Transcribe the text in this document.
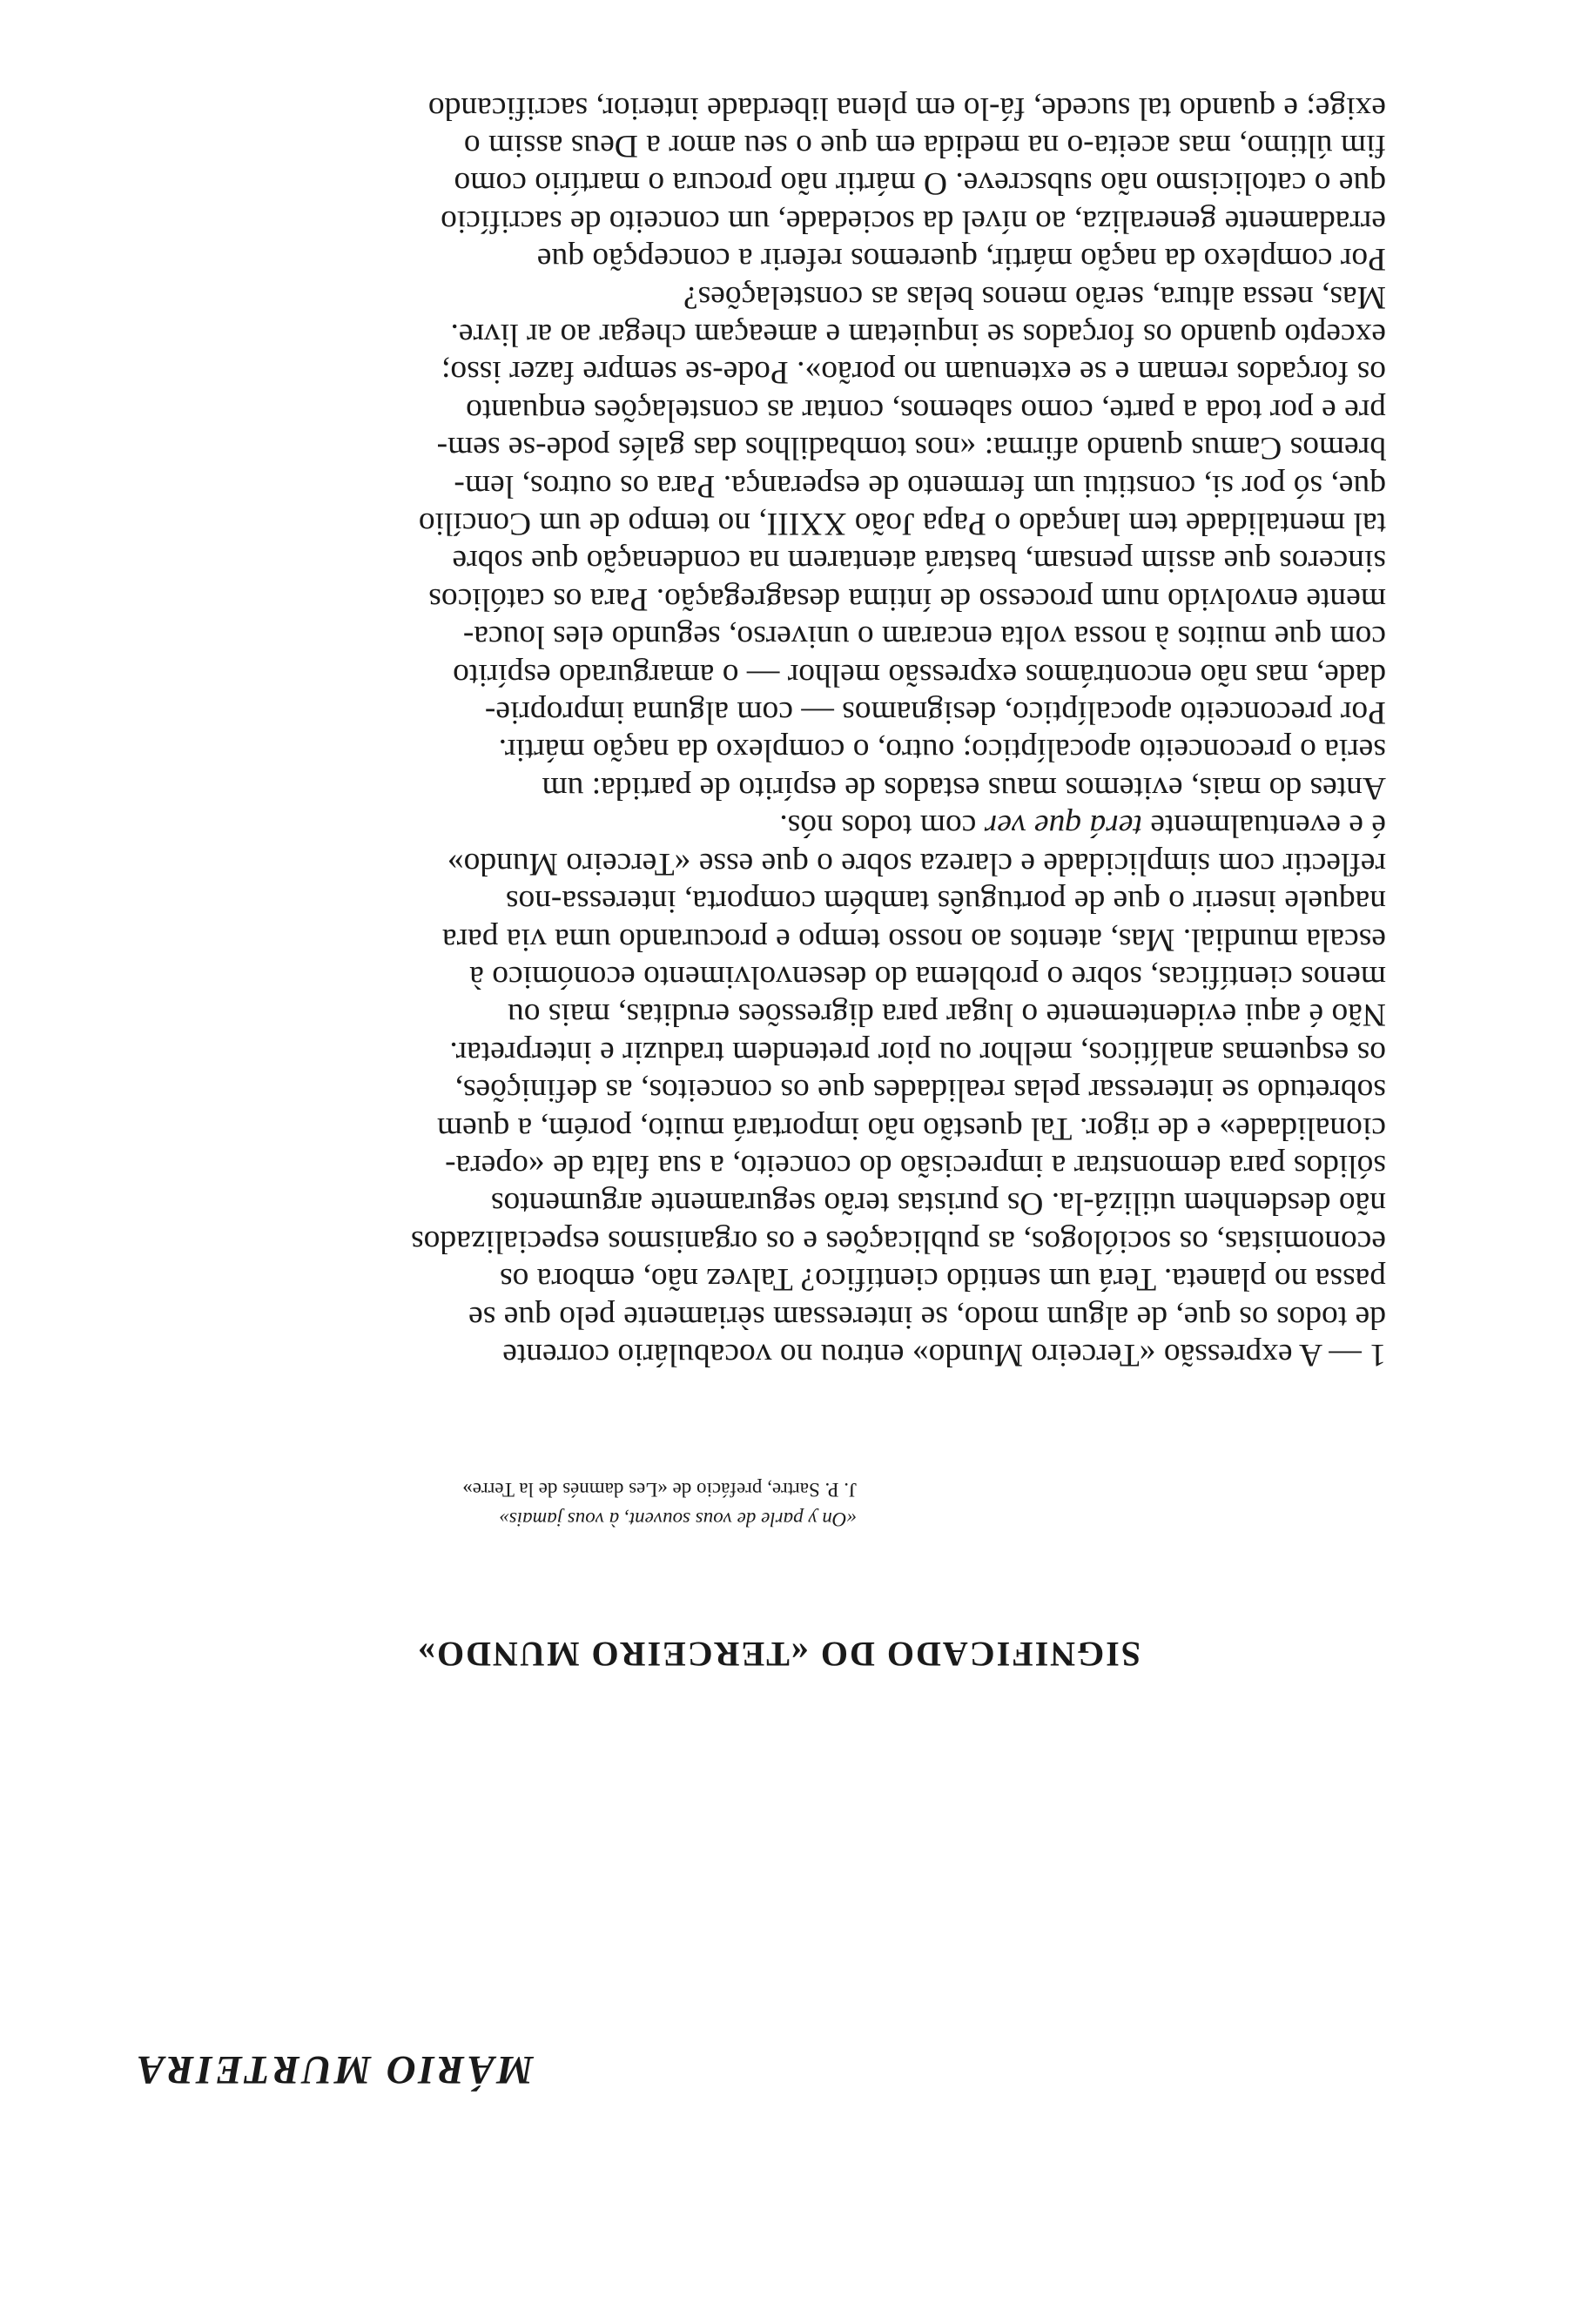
MÁRIO MURTEIRA
SIGNIFICADO DO «TERCEIRO MUNDO»
«On y parle de vous souvent, à vous jamais»
J. P. Sartre, prefácio de «Les damnés de la Terre»

1 — A expressão «Terceiro Mundo» entrou no vocabulário corrente
de todos os que, de algum modo, se interessam sèriamente pelo que se
passa no planeta. Terá um sentido científico? Talvez não, embora os
economistas, os sociólogos, as publicações e os organismos especializados
não desdenhem utilizá-la. Os puristas terão seguramente argumentos
sólidos para demonstrar a imprecisão do conceito, a sua falta de «opera-
cionalidade» e de rigor. Tal questão não importará muito, porém, a quem
sobretudo se interessar pelas realidades que os conceitos, as definições,
os esquemas analíticos, melhor ou pior pretendem traduzir e interpretar.
Não é aqui evidentemente o lugar para digressões eruditas, mais ou
menos científicas, sobre o problema do desenvolvimento económico à
escala mundial. Mas, atentos ao nosso tempo e procurando uma via para
naquele inserir o que de português também comporta, interessa-nos
reflectir com simplicidade e clareza sobre o que esse «Terceiro Mundo»
é e eventualmente terá que ver com todos nós.

Antes do mais, evitemos maus estados de espírito de partida: um
seria o preconceito apocalíptico; outro, o complexo da nação mártir.

Por preconceito apocalíptico, designamos — com alguma improprie-
dade, mas não encontrámos expressão melhor — o amargurado espírito
com que muitos à nossa volta encaram o universo, segundo eles louca-
mente envolvido num processo de íntima desagregação. Para os católicos
sinceros que assim pensam, bastará atentarem na condenação que sobre
tal mentalidade tem lançado o Papa João XXIII, no tempo de um Concílio
que, só por si, constitui um fermento de esperança. Para os outros, lem-
bremos Camus quando afirma: «nos tombadilhos das galés pode-se sem-
pre e por toda a parte, como sabemos, contar as constelações enquanto
os forçados remam e se extenuam no porão». Pode-se sempre fazer isso;
excepto quando os forçados se inquietam e ameaçam chegar ao ar livre.
Mas, nessa altura, serão menos belas as constelações?

Por complexo da nação mártir, queremos referir a concepção que
erradamente generaliza, ao nível da sociedade, um conceito de sacrifício
que o catolicismo não subscreve. O mártir não procura o martírio como
fim último, mas aceita-o na medida em que o seu amor a Deus assim o
exige; e quando tal sucede, fá-lo em plena liberdade interior, sacrificando
